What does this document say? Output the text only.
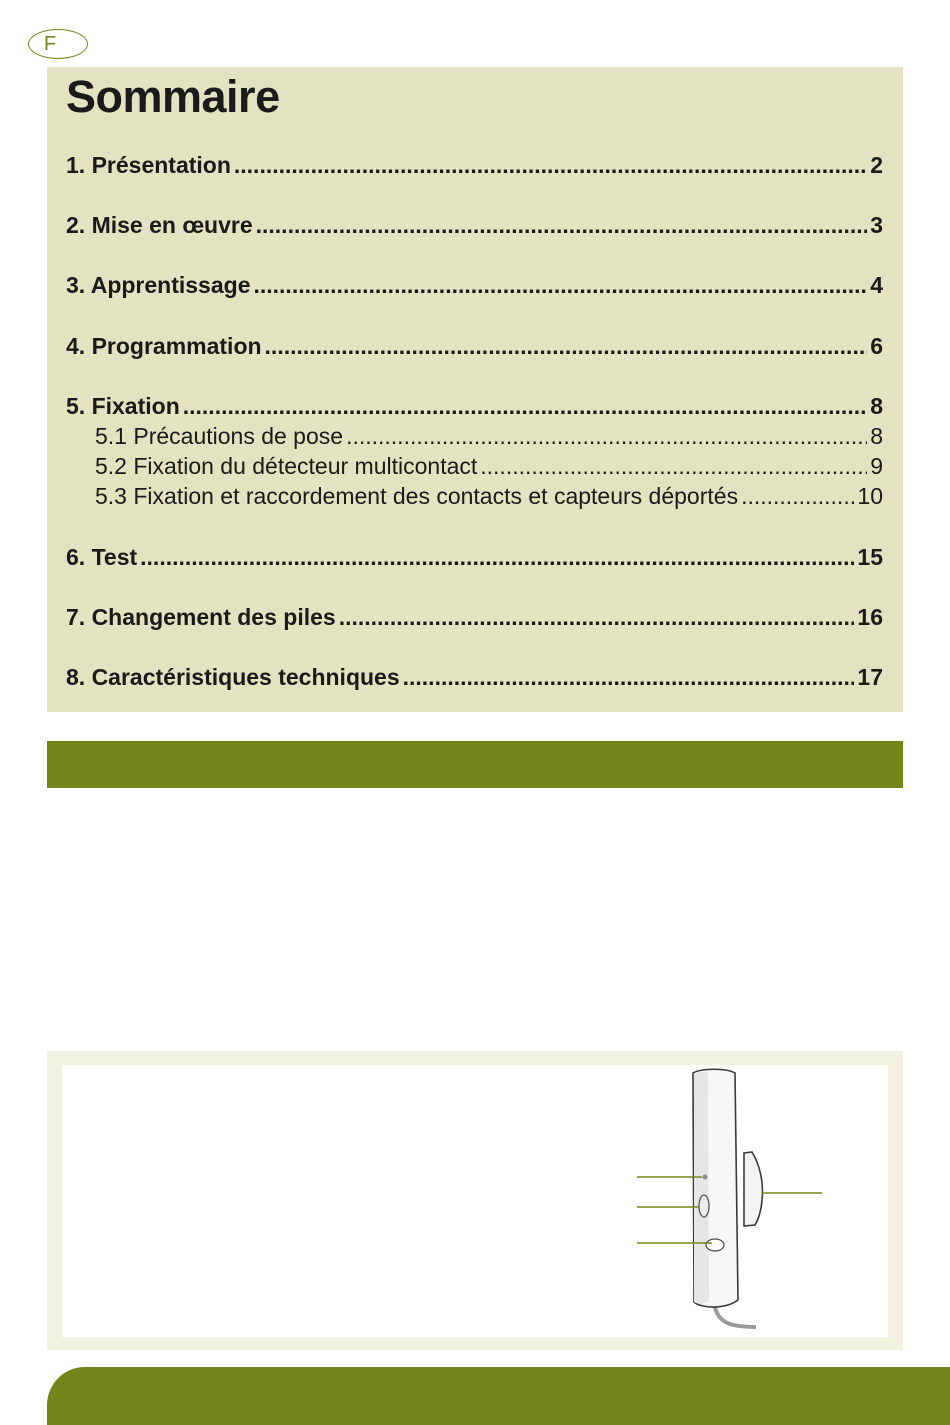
F
Sommaire
1. Présentation .....	2
2. Mise en œuvre .....	3
3. Apprentissage .....	4
4. Programmation .....	6
5. Fixation .....	8
5.1 Précautions de pose .....	8
5.2 Fixation du détecteur multicontact .....	9
5.3 Fixation et raccordement des contacts et capteurs déportés .....	10
6. Test .....	15
7. Changement des piles .....	16
8. Caractéristiques techniques .....	17
